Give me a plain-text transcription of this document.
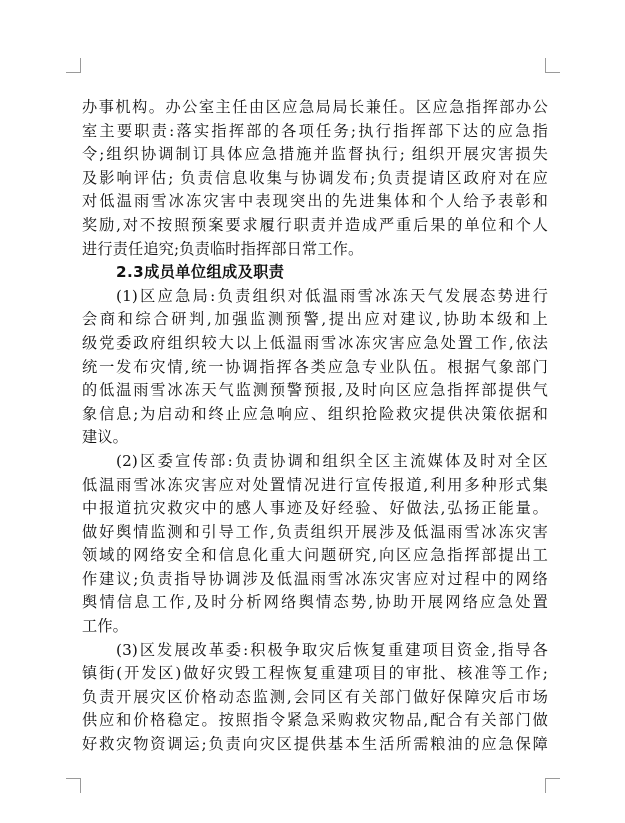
办事机构。办公室主任由区应急局局长兼任。区应急指挥部办公
室主要职责:落实指挥部的各项任务;执行指挥部下达的应急指
令;组织协调制订具体应急措施并监督执行; 组织开展灾害损失
及影响评估; 负责信息收集与协调发布;负责提请区政府对在应
对低温雨雪冰冻灾害中表现突出的先进集体和个人给予表彰和
奖励,对不按照预案要求履行职责并造成严重后果的单位和个人
进行责任追究;负责临时指挥部日常工作。
2.3成员单位组成及职责
(1)区应急局:负责组织对低温雨雪冰冻天气发展态势进行
会商和综合研判,加强监测预警,提出应对建议,协助本级和上
级党委政府组织较大以上低温雨雪冰冻灾害应急处置工作,依法
统一发布灾情,统一协调指挥各类应急专业队伍。根据气象部门
的低温雨雪冰冻天气监测预警预报,及时向区应急指挥部提供气
象信息;为启动和终止应急响应、组织抢险救灾提供决策依据和
建议。
(2)区委宣传部:负责协调和组织全区主流媒体及时对全区
低温雨雪冰冻灾害应对处置情况进行宣传报道,利用多种形式集
中报道抗灾救灾中的感人事迹及好经验、好做法,弘扬正能量。
做好舆情监测和引导工作,负责组织开展涉及低温雨雪冰冻灾害
领域的网络安全和信息化重大问题研究,向区应急指挥部提出工
作建议;负责指导协调涉及低温雨雪冰冻灾害应对过程中的网络
舆情信息工作,及时分析网络舆情态势,协助开展网络应急处置
工作。
(3)区发展改革委:积极争取灾后恢复重建项目资金,指导各
镇街(开发区)做好灾毁工程恢复重建项目的审批、核准等工作;
负责开展灾区价格动态监测,会同区有关部门做好保障灾后市场
供应和价格稳定。按照指令紧急采购救灾物品,配合有关部门做
好救灾物资调运;负责向灾区提供基本生活所需粮油的应急保障
